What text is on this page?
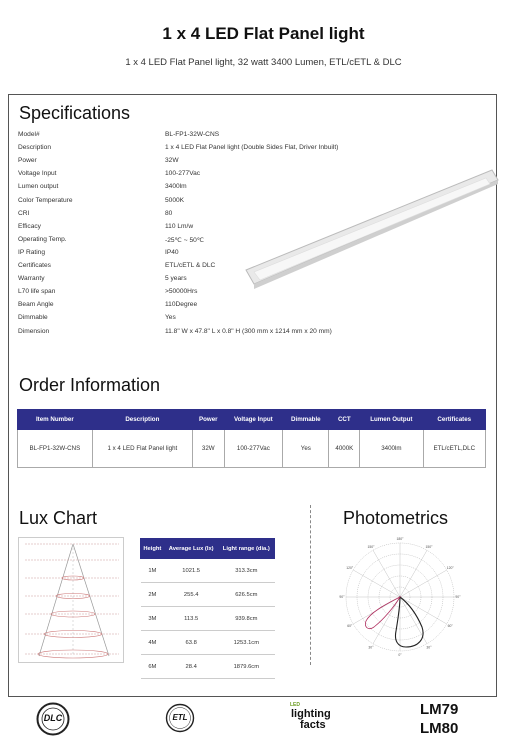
1 x 4 LED Flat Panel light
1 x 4 LED Flat Panel light, 32 watt 3400 Lumen, ETL/cETL & DLC
Specifications
Model#	BL-FP1-32W-CNS
Description	1 x 4 LED Flat Panel light (Double Sides Flat, Driver Inbuilt)
Power	32W
Voltage Input	100-277Vac
Lumen output	3400lm
Color Temperature	5000K
CRI	80
Efficacy	110 Lm/w
Operating Temp.	-25℃ ~ 50℃
IP Rating	IP40
Certificates	ETL/cETL & DLC
Warranty	5 years
L70 life span	>50000Hrs
Beam Angle	110Degree
Dimmable	Yes
Dimension	11.8" W x 47.8" L x 0.8" H (300 mm x 1214 mm x 20 mm)
Order Information
Item Number	Description	Power	Voltage Input	Dimmable	CCT	Lumen Output	Certificates
BL-FP1-32W-CNS	1 x 4 LED Flat Panel light	32W	100-277Vac	Yes	4000K	3400lm	ETL/cETL,DLC
Lux Chart
Height	Average Lux (lx)	Light range (dia.)
1M	1021.5	313.3cm
2M	255.4	626.5cm
3M	113.5	939.8cm
4M	63.8	1253.1cm
6M	28.4	1879.6cm
Photometrics
180°
150°
120°
90°
60°
30°
0°
30°
60°
90°
120°
150°
DLC	ETL
LED
lighting
facts
LM79
LM80
